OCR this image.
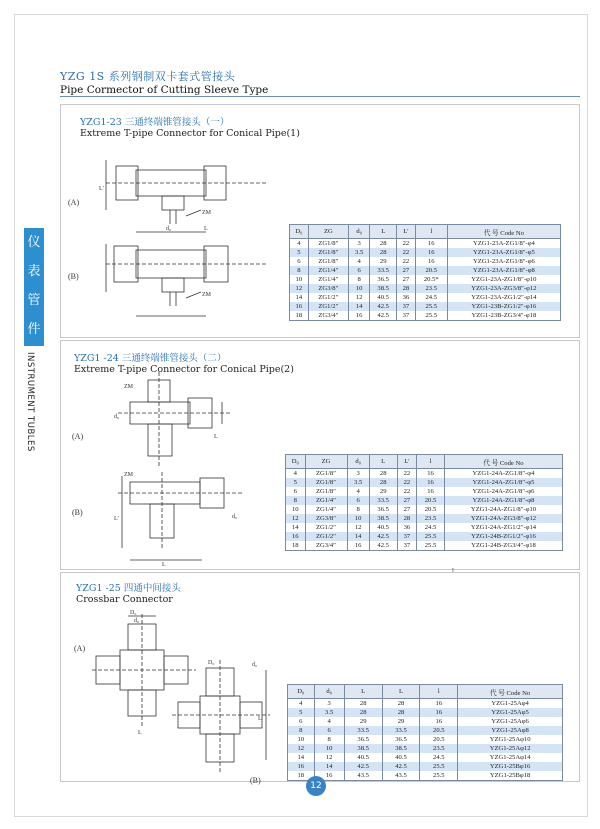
YZG 1S 系列钢制双卡套式管接头
Pipe Cormector of Cutting Sleeve Type
仪
表
管
件
INSTRUMENT TUBLES
YZG1-23 三通终端锥管接头（一）
Extreme T-pipe Connector for Conical Pipe(1)
(A)
(B)
L'
d₀	L
ZM
ZM
D₀	ZG	d₀	L	L'	l	代 号 Code No
4	ZG1/8″	3	28	22	16	YZG1-23A-ZG1/8″-φ4
5	ZG1/8″	3.5	28	22	16	YZG1-23A-ZG1/8″-φ5
6	ZG1/8″	4	29	22	16	YZG1-23A-ZG1/8″-φ6
8	ZG1/4″	6	33.5	27	20.5	YZG1-23A-ZG1/8″-φ8
10	ZG1/4″	8	36.5	27	20.5*	YZG1-23A-ZG1/8″-φ10
12	ZG3/8″	10	38.5	28	23.5	YZG1-23A-ZG3/8″-φ12
14	ZG1/2″	12	40.5	36	24.5	YZG1-23A-ZG1/2″-φ14
16	ZG1/2″	14	42.5	37	25.5	YZG1-23B-ZG1/2″-φ16
18	ZG3/4″	16	42.5	37	25.5	YZG1-23B-ZG3/4″-φ18
YZG1 -24 三通终端锥管接头（二）
Extreme T-pipe Connector for Conical Pipe(2)
(A)
(B)
ZM
d₀
L
ZM
L'	d₀
L
D₀	ZG	d₀	L	L'	l	代 号 Code No
4	ZG1/8″	3	28	22	16	YZG1-24A-ZG1/8″-φ4
5	ZG1/8″	3.5	28	22	16	YZG1-24A-ZG1/8″-φ5
6	ZG1/8″	4	29	22	16	YZG1-24A-ZG1/8″-φ6
8	ZG1/4″	6	33.5	27	20.5	YZG1-24A-ZG1/8″-φ8
10	ZG1/4″	8	36.5	27	20.5	YZG1-24A-ZG1/8″-φ10
12	ZG3/8″	10	38.5	28	23.5	YZG1-24A-ZG3/8″-φ12
14	ZG1/2″	12	40.5	36	24.5	YZG1-24A-ZG1/2″-φ14
16	ZG1/2″	14	42.5	37	25.5	YZG1-24B-ZG1/2″-φ16
18	ZG3/4″	16	42.5	37	25.5	YZG1-24B-ZG3/4″-φ18
l
YZG1 -25 四通中间接头
Crossbar Connector
(A)
(B)
D₀
d₀
L
D₀	d₀
L
D₀	d₀	L	L	l	代 号 Code No
4	3	28	28	16	YZG1-25Aφ4
5	3.5	28	28	16	YZG1-25Aφ5
6	4	29	29	16	YZG1-25Aφ6
8	6	33.5	33.5	20.5	YZG1-25Aφ8
10	8	36.5	36.5	20.5	YZG1-25Aφ10
12	10	38.5	38.5	23.5	YZG1-25Aφ12
14	12	40.5	40.5	24.5	YZG1-25Aφ14
16	14	42.5	42.5	25.5	YZG1-25Bφ16
18	16	43.5	43.5	25.5	YZG1-25Bφ18
12
